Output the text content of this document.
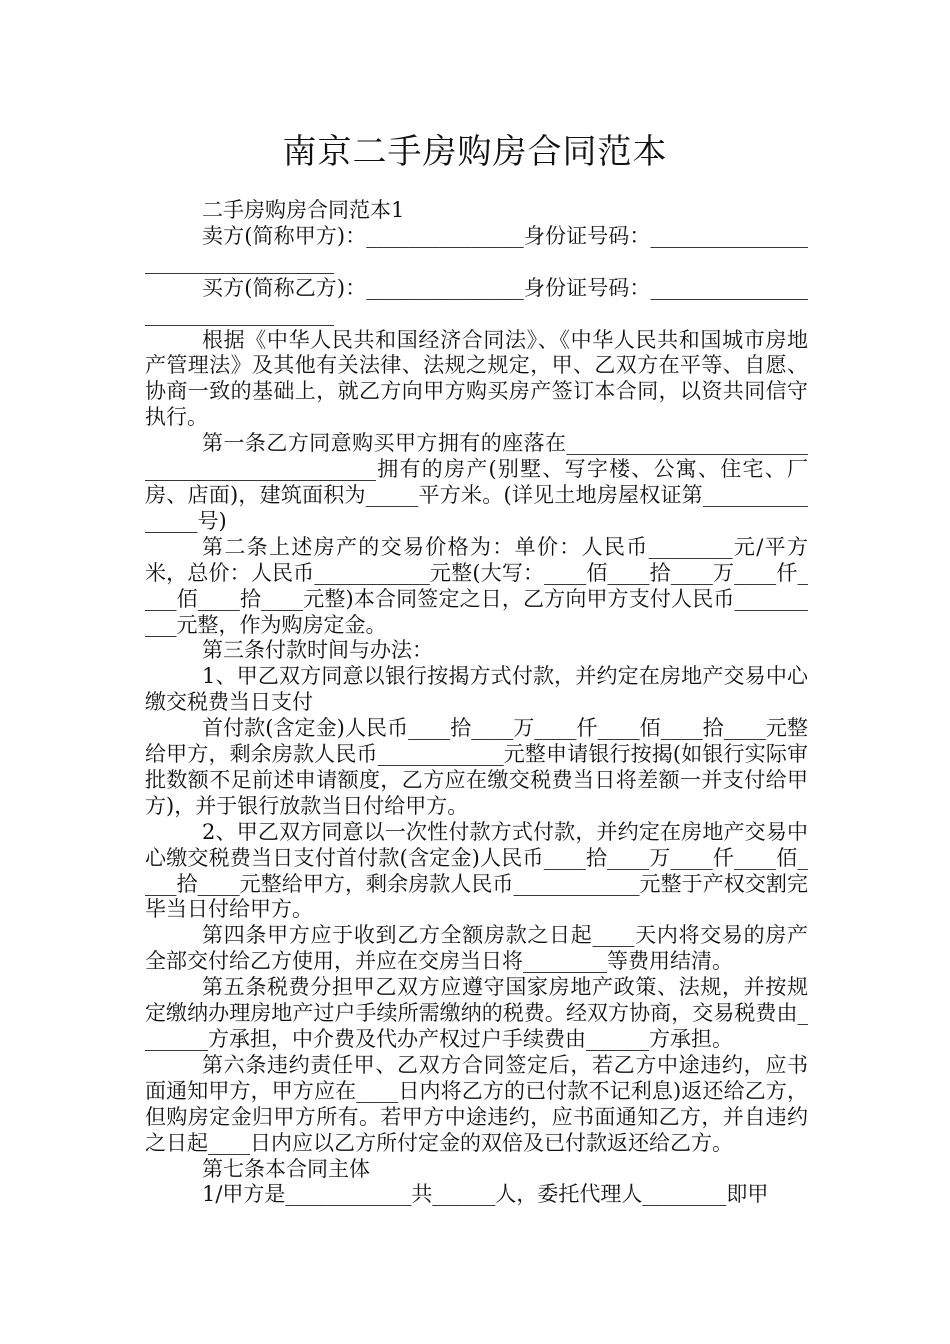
南京二手房购房合同范本

二手房购房合同范本1

卖方(简称甲方)：_______________身份证号码：_________________________________

买方(简称乙方)：_______________身份证号码：_________________________________

根据《中华人民共和国经济合同法》、《中华人民共和国城市房地产管理法》及其他有关法律、法规之规定，甲、乙双方在平等、自愿、协商一致的基础上，就乙方向甲方购买房产签订本合同，以资共同信守执行。

第一条乙方同意购买甲方拥有的座落在_____________________________________________拥有的房产(别墅、写字楼、公寓、住宅、厂房、店面)，建筑面积为_____平方米。(详见土地房屋权证第_______________号)

第二条上述房产的交易价格为：单价：人民币________元/平方米，总价：人民币___________元整(大写：____佰____拾____万____仟____佰____拾____元整)本合同签定之日，乙方向甲方支付人民币__________元整，作为购房定金。

第三条付款时间与办法：

1、甲乙双方同意以银行按揭方式付款，并约定在房地产交易中心缴交税费当日支付

首付款(含定金)人民币____拾____万____仟____佰____拾____元整给甲方，剩余房款人民币____________元整申请银行按揭(如银行实际审批数额不足前述申请额度，乙方应在缴交税费当日将差额一并支付给甲方)，并于银行放款当日付给甲方。

2、甲乙双方同意以一次性付款方式付款，并约定在房地产交易中心缴交税费当日支付首付款(含定金)人民币____拾____万____仟____佰____拾____元整给甲方，剩余房款人民币____________元整于产权交割完毕当日付给甲方。

第四条甲方应于收到乙方全额房款之日起____天内将交易的房产全部交付给乙方使用，并应在交房当日将________等费用结清。

第五条税费分担甲乙双方应遵守国家房地产政策、法规，并按规定缴纳办理房地产过户手续所需缴纳的税费。经双方协商，交易税费由_______方承担，中介费及代办产权过户手续费由______方承担。

第六条违约责任甲、乙双方合同签定后，若乙方中途违约，应书面通知甲方，甲方应在____日内将乙方的已付款不记利息)返还给乙方，但购房定金归甲方所有。若甲方中途违约，应书面通知乙方，并自违约之日起____日内应以乙方所付定金的双倍及已付款返还给乙方。

第七条本合同主体

1/甲方是____________共______人，委托代理人________即甲
